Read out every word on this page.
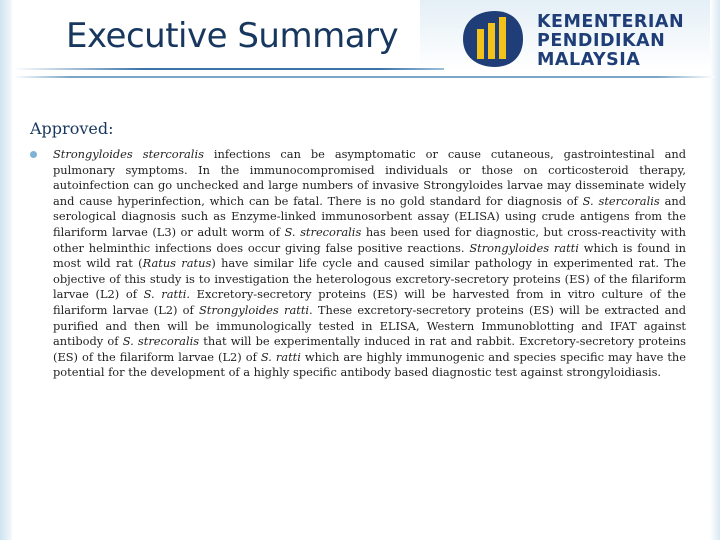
Executive Summary	KEMENTERIAN
PENDIDIKAN
MALAYSIA
Approved:

Strongyloides stercoralis infections can be asymptomatic or cause cutaneous, gastrointestinal and pulmonary symptoms. In the immunocompromised individuals or those on corticosteroid therapy, autoinfection can go unchecked and large numbers of invasive Strongyloides larvae may disseminate widely and cause hyperinfection, which can be fatal. There is no gold standard for diagnosis of S. stercoralis and serological diagnosis such as Enzyme-linked immunosorbent assay (ELISA) using crude antigens from the filariform larvae (L3) or adult worm of S. strecoralis has been used for diagnostic, but cross-reactivity with other helminthic infections does occur giving false positive reactions. Strongyloides ratti which is found in most wild rat (Ratus ratus) have similar life cycle and caused similar pathology in experimented rat. The objective of this study is to investigation the heterologous excretory-secretory proteins (ES) of the filariform larvae (L2) of S. ratti. Excretory-secretory proteins (ES) will be harvested from in vitro culture of the filariform larvae (L2) of Strongyloides ratti. These excretory-secretory proteins (ES) will be extracted and purified and then will be immunologically tested in ELISA, Western Immunoblotting and IFAT against antibody of S. strecoralis that will be experimentally induced in rat and rabbit. Excretory-secretory proteins (ES) of the filariform larvae (L2) of S. ratti which are highly immunogenic and species specific may have the potential for the development of a highly specific antibody based diagnostic test against strongyloidiasis.
